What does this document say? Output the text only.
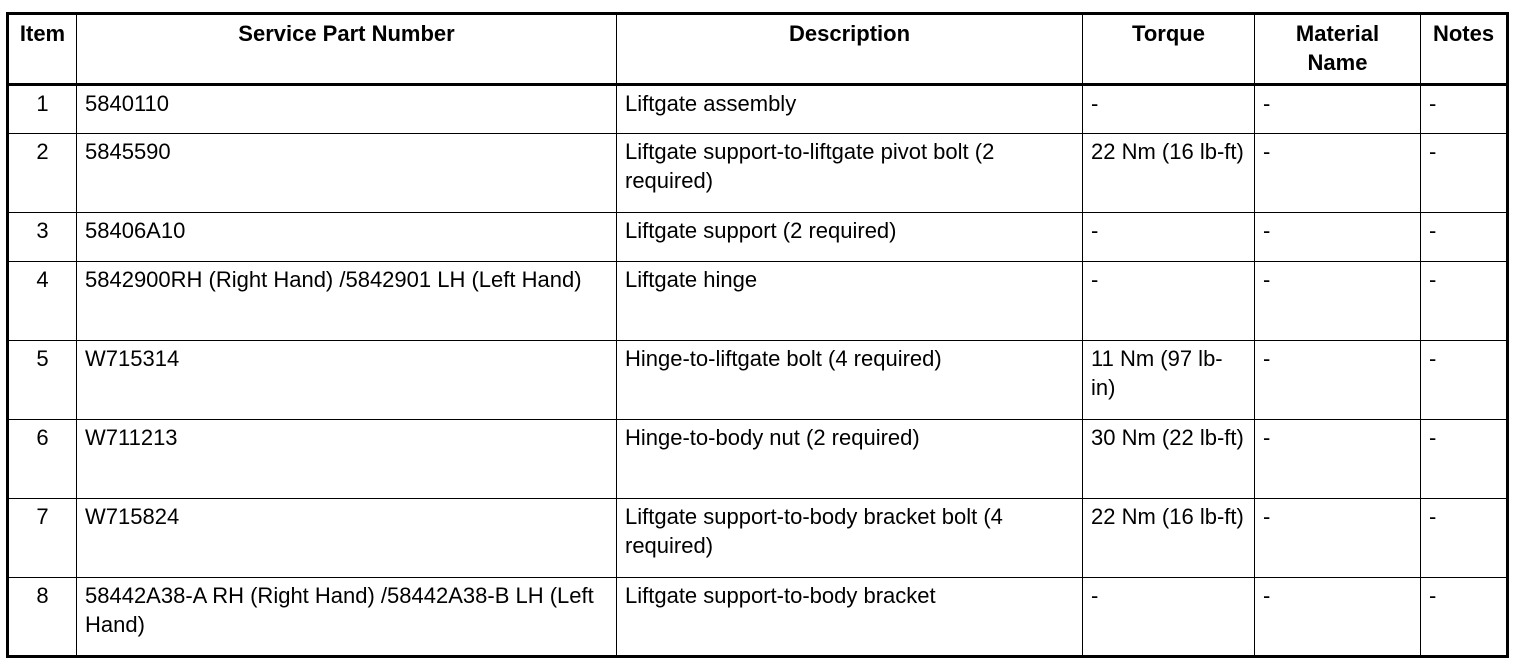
Item	Service Part Number	Description	Torque	Material Name	Notes
1	5840110	Liftgate assembly	-	-	-
2	5845590	Liftgate support-to-liftgate pivot bolt (2 required)	22 Nm (16 lb-ft)	-	-
3	58406A10	Liftgate support (2 required)	-	-	-
4	5842900RH (Right Hand) /5842901 LH (Left Hand)	Liftgate hinge	-	-	-
5	W715314	Hinge-to-liftgate bolt (4 required)	11 Nm (97 lb-in)	-	-
6	W711213	Hinge-to-body nut (2 required)	30 Nm (22 lb-ft)	-	-
7	W715824	Liftgate support-to-body bracket bolt (4 required)	22 Nm (16 lb-ft)	-	-
8	58442A38-A RH (Right Hand) /58442A38-B LH (Left Hand)	Liftgate support-to-body bracket	-	-	-
